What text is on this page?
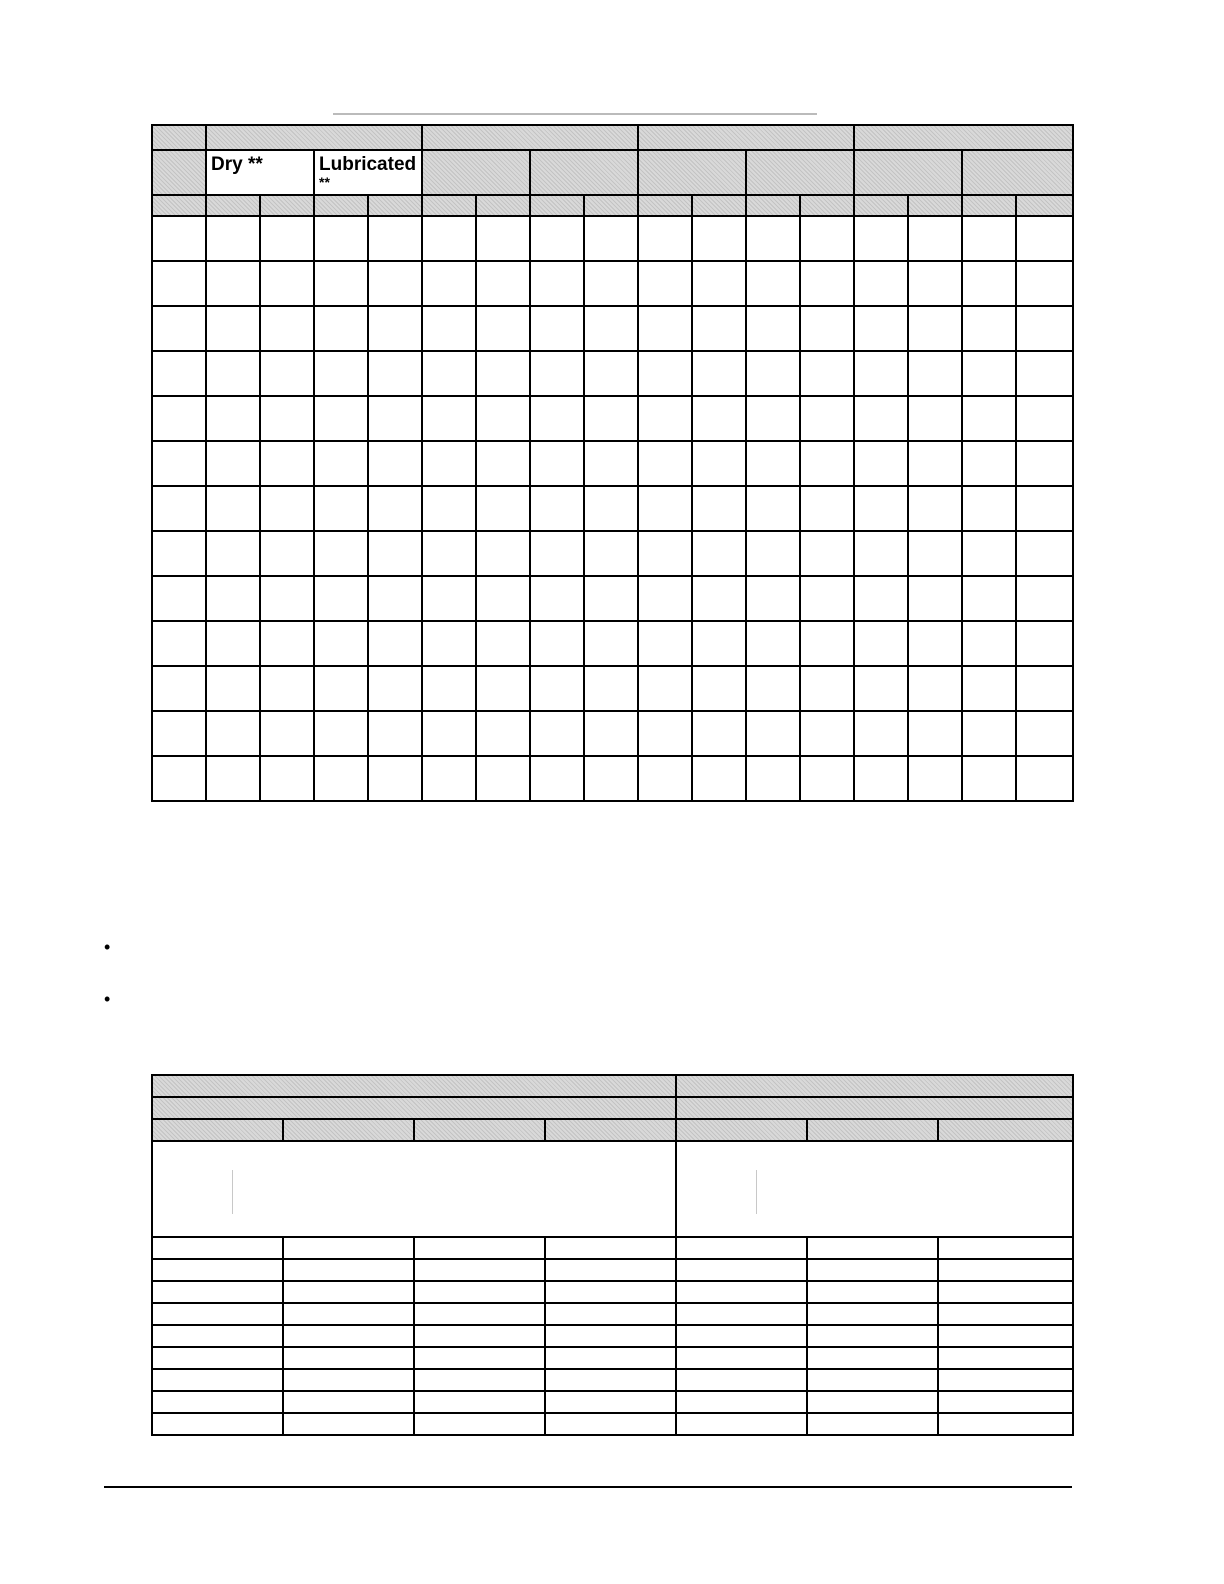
	Dry **		Lubricated
**													

•
•
